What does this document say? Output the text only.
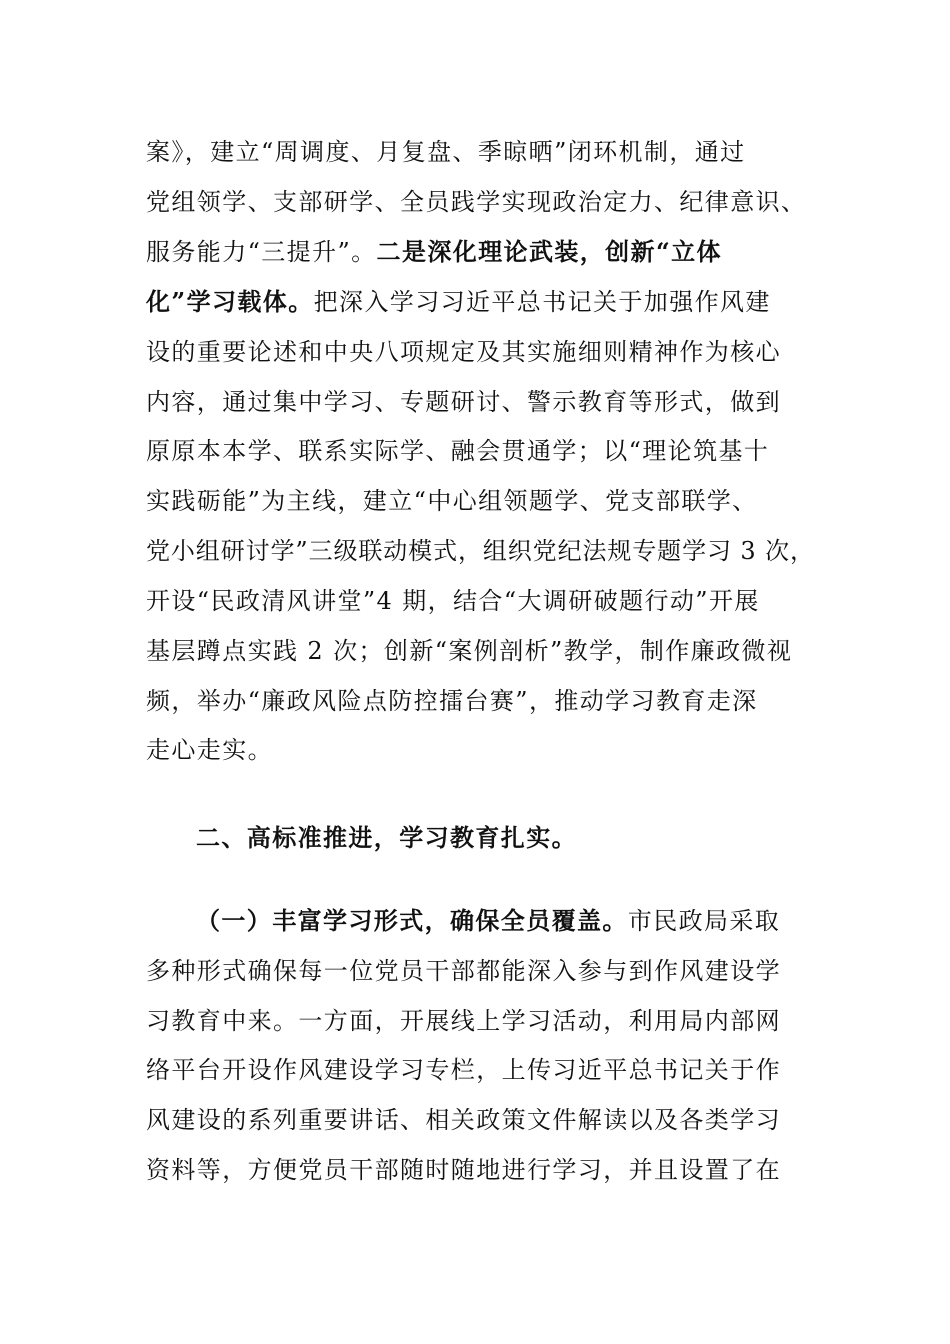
案》，建立“周调度、月复盘、季晾晒”闭环机制，通过
党组领学、支部研学、全员践学实现政治定力、纪律意识、
服务能力“三提升”。二是深化理论武装，创新“立体
化”学习载体。把深入学习习近平总书记关于加强作风建
设的重要论述和中央八项规定及其实施细则精神作为核心
内容，通过集中学习、专题研讨、警示教育等形式，做到
原原本本学、联系实际学、融会贯通学；以“理论筑基十
实践砺能”为主线，建立“中心组领题学、党支部联学、
党小组研讨学”三级联动模式，组织党纪法规专题学习 3 次，
开设“民政清风讲堂”4 期，结合“大调研破题行动”开展
基层蹲点实践 2 次；创新“案例剖析”教学，制作廉政微视
频，举办“廉政风险点防控擂台赛”，推动学习教育走深
走心走实。
二、高标准推进，学习教育扎实。
（一）丰富学习形式，确保全员覆盖。市民政局采取
多种形式确保每一位党员干部都能深入参与到作风建设学
习教育中来。一方面，开展线上学习活动，利用局内部网
络平台开设作风建设学习专栏，上传习近平总书记关于作
风建设的系列重要讲话、相关政策文件解读以及各类学习
资料等，方便党员干部随时随地进行学习，并且设置了在
